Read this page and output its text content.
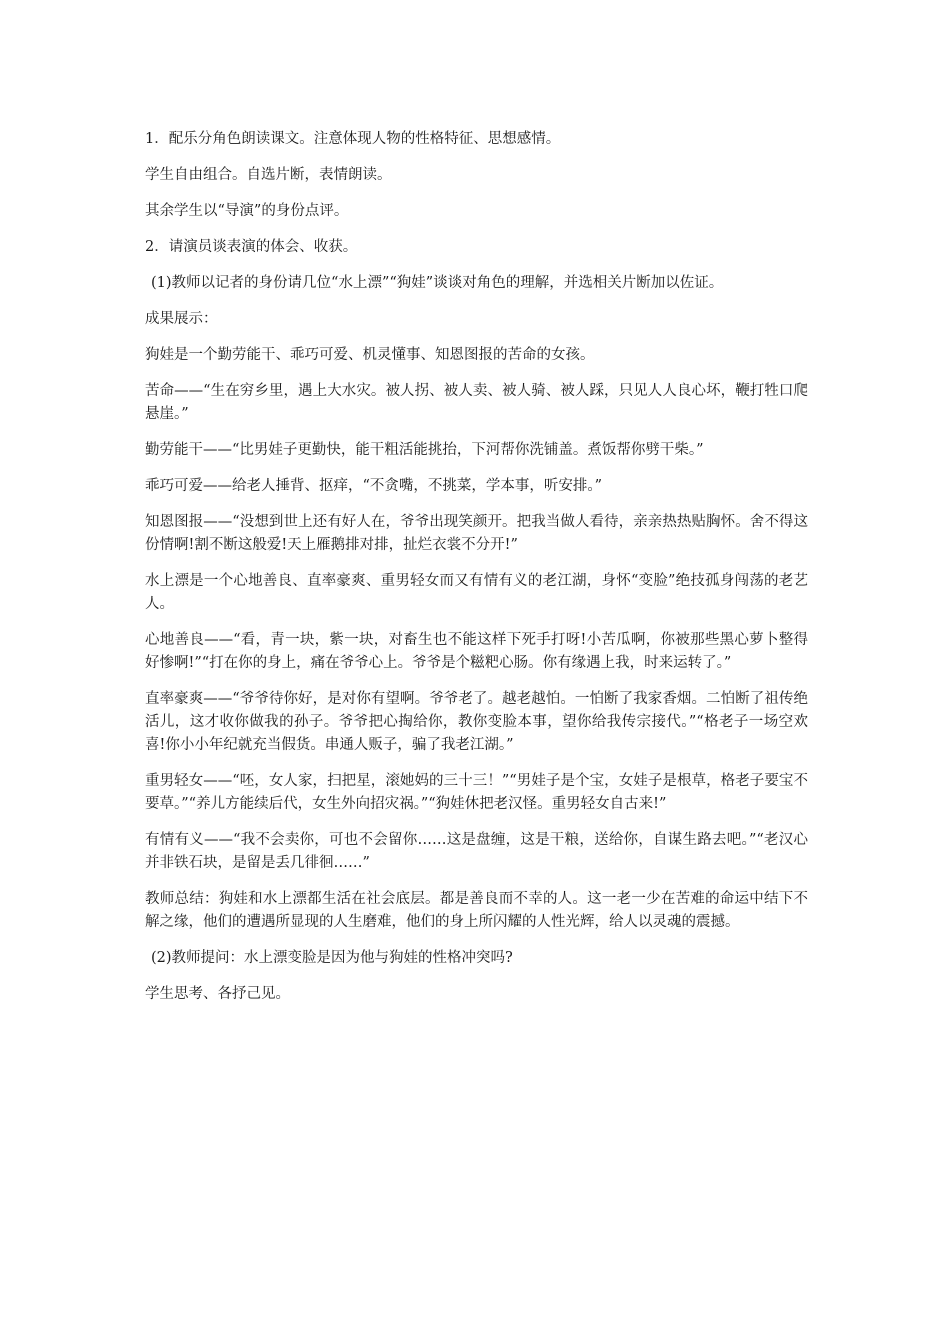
1．配乐分角色朗读课文。注意体现人物的性格特征、思想感情。

学生自由组合。自选片断，表情朗读。

其余学生以“导演”的身份点评。

2．请演员谈表演的体会、收获。

(1)教师以记者的身份请几位“水上漂”“狗娃”谈谈对角色的理解，并选相关片断加以佐证。

成果展示：

狗娃是一个勤劳能干、乖巧可爱、机灵懂事、知恩图报的苦命的女孩。

苦命——“生在穷乡里，遇上大水灾。被人拐、被人卖、被人骑、被人踩，只见人人良心坏，鞭打牲口爬悬崖。”

勤劳能干——“比男娃子更勤快，能干粗活能挑抬，下河帮你洗铺盖。煮饭帮你劈干柴。”

乖巧可爱——给老人捶背、抠痒，“不贪嘴，不挑菜，学本事，听安排。”

知恩图报——“没想到世上还有好人在，爷爷出现笑颜开。把我当做人看待，亲亲热热贴胸怀。舍不得这份情啊!割不断这般爱!天上雁鹅排对排，扯烂衣裳不分开!”

水上漂是一个心地善良、直率豪爽、重男轻女而又有情有义的老江湖，身怀“变脸”绝技孤身闯荡的老艺人。

心地善良——“看，青一块，紫一块，对畜生也不能这样下死手打呀!小苦瓜啊，你被那些黑心萝卜整得好惨啊!”“打在你的身上，痛在爷爷心上。爷爷是个糍粑心肠。你有缘遇上我，时来运转了。”

直率豪爽——“爷爷待你好，是对你有望啊。爷爷老了。越老越怕。一怕断了我家香烟。二怕断了祖传绝活儿，这才收你做我的孙子。爷爷把心掏给你，教你变脸本事，望你给我传宗接代。”“格老子一场空欢喜!你小小年纪就充当假货。串通人贩子，骗了我老江湖。”

重男轻女——“呸，女人家，扫把星，滚她妈的三十三！”“男娃子是个宝，女娃子是根草，格老子要宝不要草。”“养儿方能续后代，女生外向招灾祸。”“狗娃休把老汉怪。重男轻女自古来!”

有情有义——“我不会卖你，可也不会留你……这是盘缠，这是干粮，送给你，自谋生路去吧。”“老汉心并非铁石块，是留是丢几徘徊……”

教师总结：狗娃和水上漂都生活在社会底层。都是善良而不幸的人。这一老一少在苦难的命运中结下不解之缘，他们的遭遇所显现的人生磨难，他们的身上所闪耀的人性光辉，给人以灵魂的震撼。

(2)教师提问：水上漂变脸是因为他与狗娃的性格冲突吗?

学生思考、各抒己见。
